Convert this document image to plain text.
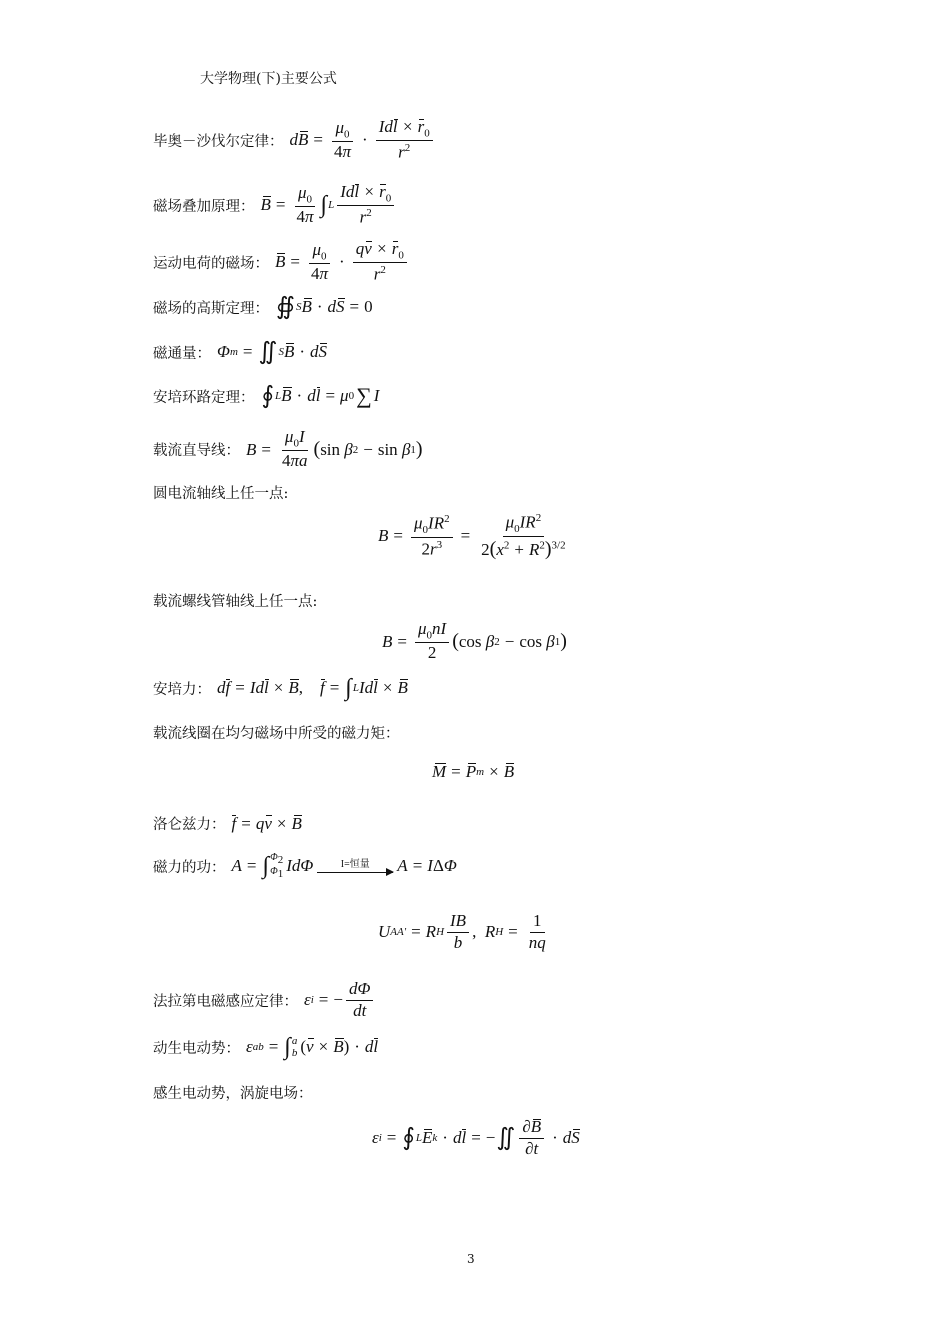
大学物理(下)主要公式
毕奥－沙伐尔定律： d $B = \frac{\mu_0}{4\pi} \cdot \frac{Idl \times r_0}{r^2}$
磁场叠加原理： $B = \frac{\mu_0}{4\pi}$ ∫ L $\frac{Idl \times r_0}{r^2}$
运动电荷的磁场： $B = \frac{\mu_0}{4\pi} \cdot \frac{qv \times r_0}{r^2}$
磁场的高斯定理： ∯ S B · d S = 0
磁通量： Φ m = ∬ S B · d S
安培环路定理： ∮ L B · d l = μ 0 ∑ I
载流直导线： $B = \frac{\mu_0I}{4\pi a}$ ( sin β 2 − sin β 1 )
圆电流轴线上任一点:
$B = \frac{\mu_0IR^2}{2r^3} = \frac{\mu_0IR^2}{2(x^2 + R^2)^{3/2}}$
载流螺线管轴线上任一点:
$B = \frac{\mu_0nI}{2}$ ( cos β 2 − cos β 1 )
安培力： d f = Id l × B , f = ∫ L Id l × B
载流线圈在均匀磁场中所受的磁力矩：
M = P m × B
洛仑兹力： f = q v × B
磁力的功： A = ∫ $\Phi_2$
$\Phi_1$ IdΦ	I=恒量 A = I Δ Φ
U AA' = R H $\frac{IB}{b}$ , R $H = \frac{1}{nq}$
法拉第电磁感应定律： ε i = − $\frac{d\Phi}{dt}$
动生电动势： ε ab = ∫ a
b ( v × B ) · d l
感生电动势，涡旋电场：
ε i = ∮ L E k · d l = − ∬ $\frac{\partial B}{\partial t} \cdot d$ S
3
